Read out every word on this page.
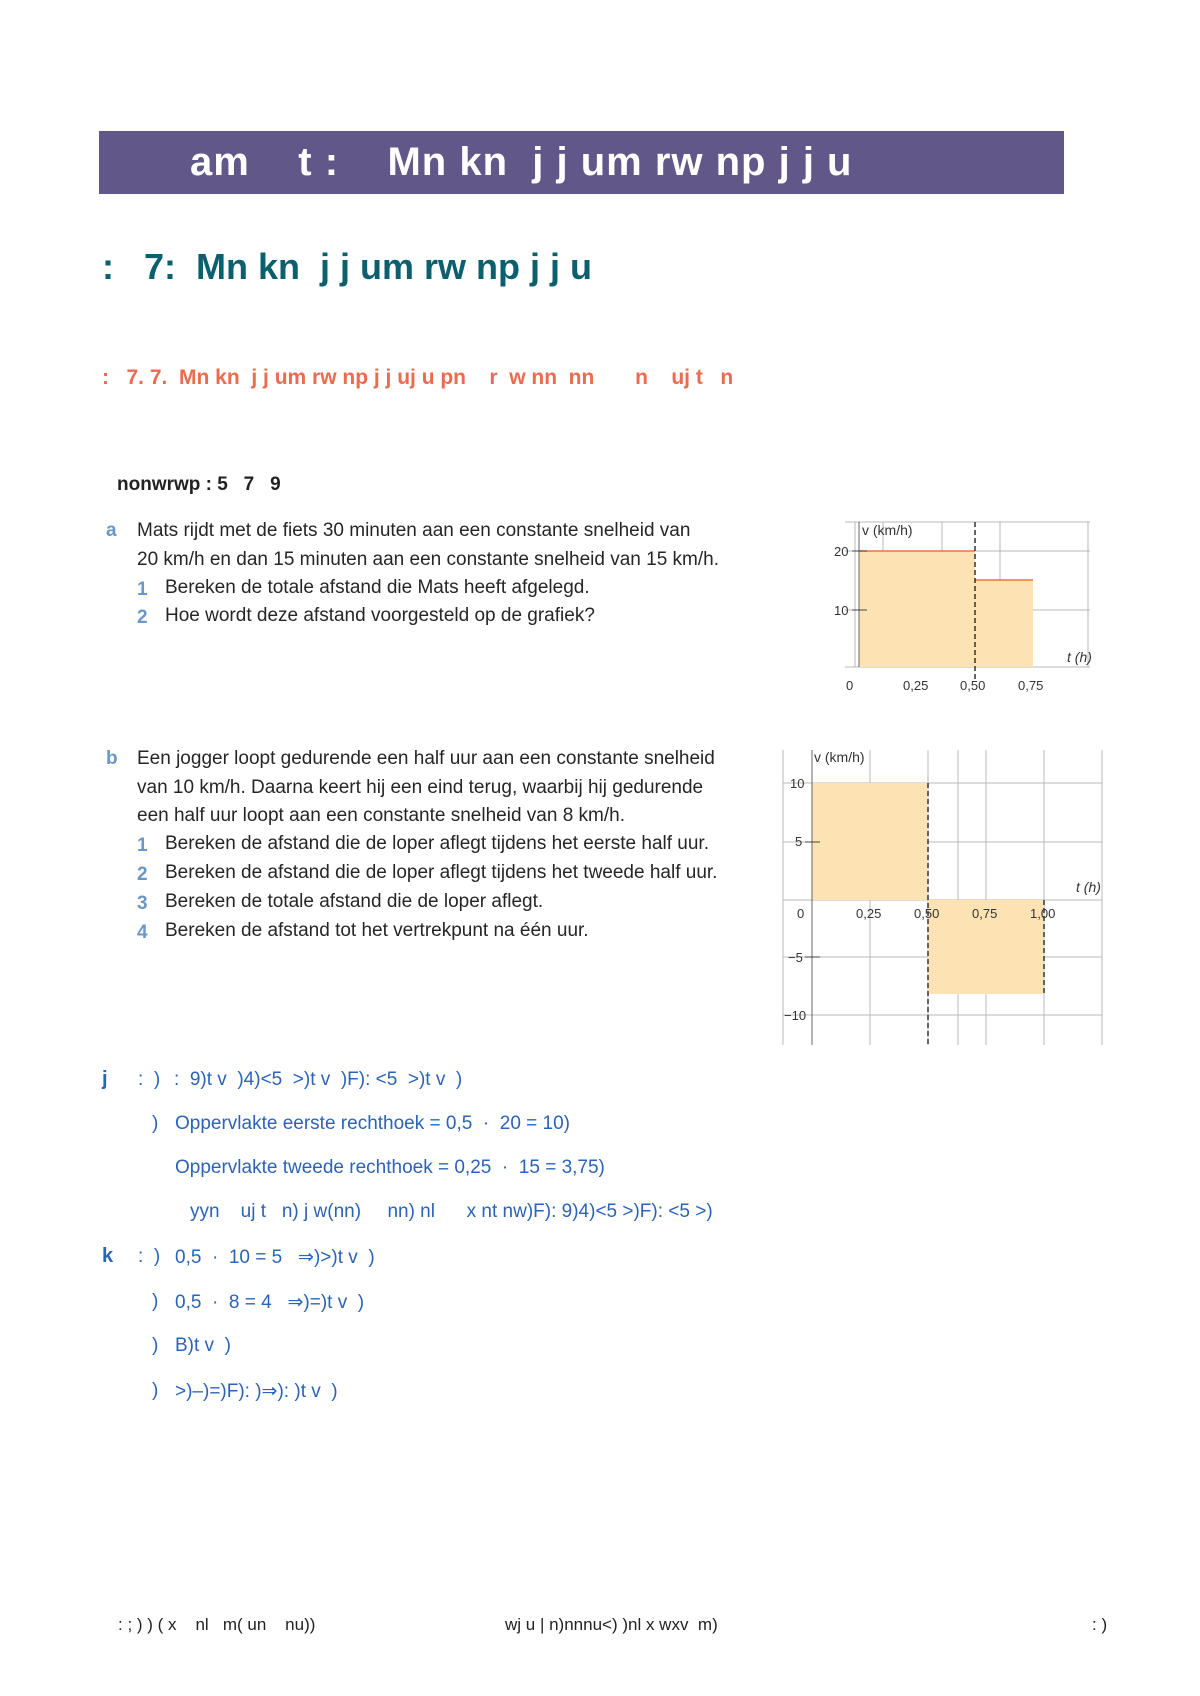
am    t :    Mn kn  j j um rw np j j u
:   7:  Mn kn  j j um rw np j j u
:   7. 7.  Mn kn  j j um rw np j j uj u pn    r  w nn  nn       n    uj t   n
nonwrwp : 5   7   9
a Mats rijdt met de fiets 30 minuten aan een constante snelheid van
20 km/h en dan 15 minuten aan een constante snelheid van 15 km/h.
1 Bereken de totale afstand die Mats heeft afgelegd.
2 Hoe wordt deze afstand voorgesteld op de grafiek?
v (km/h)
20
10
t (h)
0	0,25 0,50	0,75
b Een jogger loopt gedurende een half uur aan een constante snelheid
van 10 km/h. Daarna keert hij een eind terug, waarbij hij gedurende
een half uur loopt aan een constante snelheid van 8 km/h.
1 Bereken de afstand die de loper aflegt tijdens het eerste half uur.
2 Bereken de afstand die de loper aflegt tijdens het tweede half uur.
3 Bereken de totale afstand die de loper aflegt.
4 Bereken de afstand tot het vertrekpunt na één uur.
v (km/h)
10
5
0
−5
−10
t (h)
0,25	0,50	0,75	1,00
j :  ) :  9)t v  )4)<5  >)t v  )F): <5  >)t v  )
) Oppervlakte eerste rechthoek = 0,5  ·  20 = 10)
Oppervlakte tweede rechthoek = 0,25  ·  15 = 3,75)
yyn    uj t   n) j w(nn)     nn) nl      x nt nw)F): 9)4)<5 >)F): <5 >)
k :  ) 0,5  ·  10 = 5   ⇒)>)t v  )
) 0,5  ·  8 = 4   ⇒)=)t v  )
) B)t v  )
) >)–)=)F): )⇒): )t v  )
: ; ) ) ( x    nl   m( un    nu))	wj u | n)nnnu<) )nl x wxv  m)	: )
